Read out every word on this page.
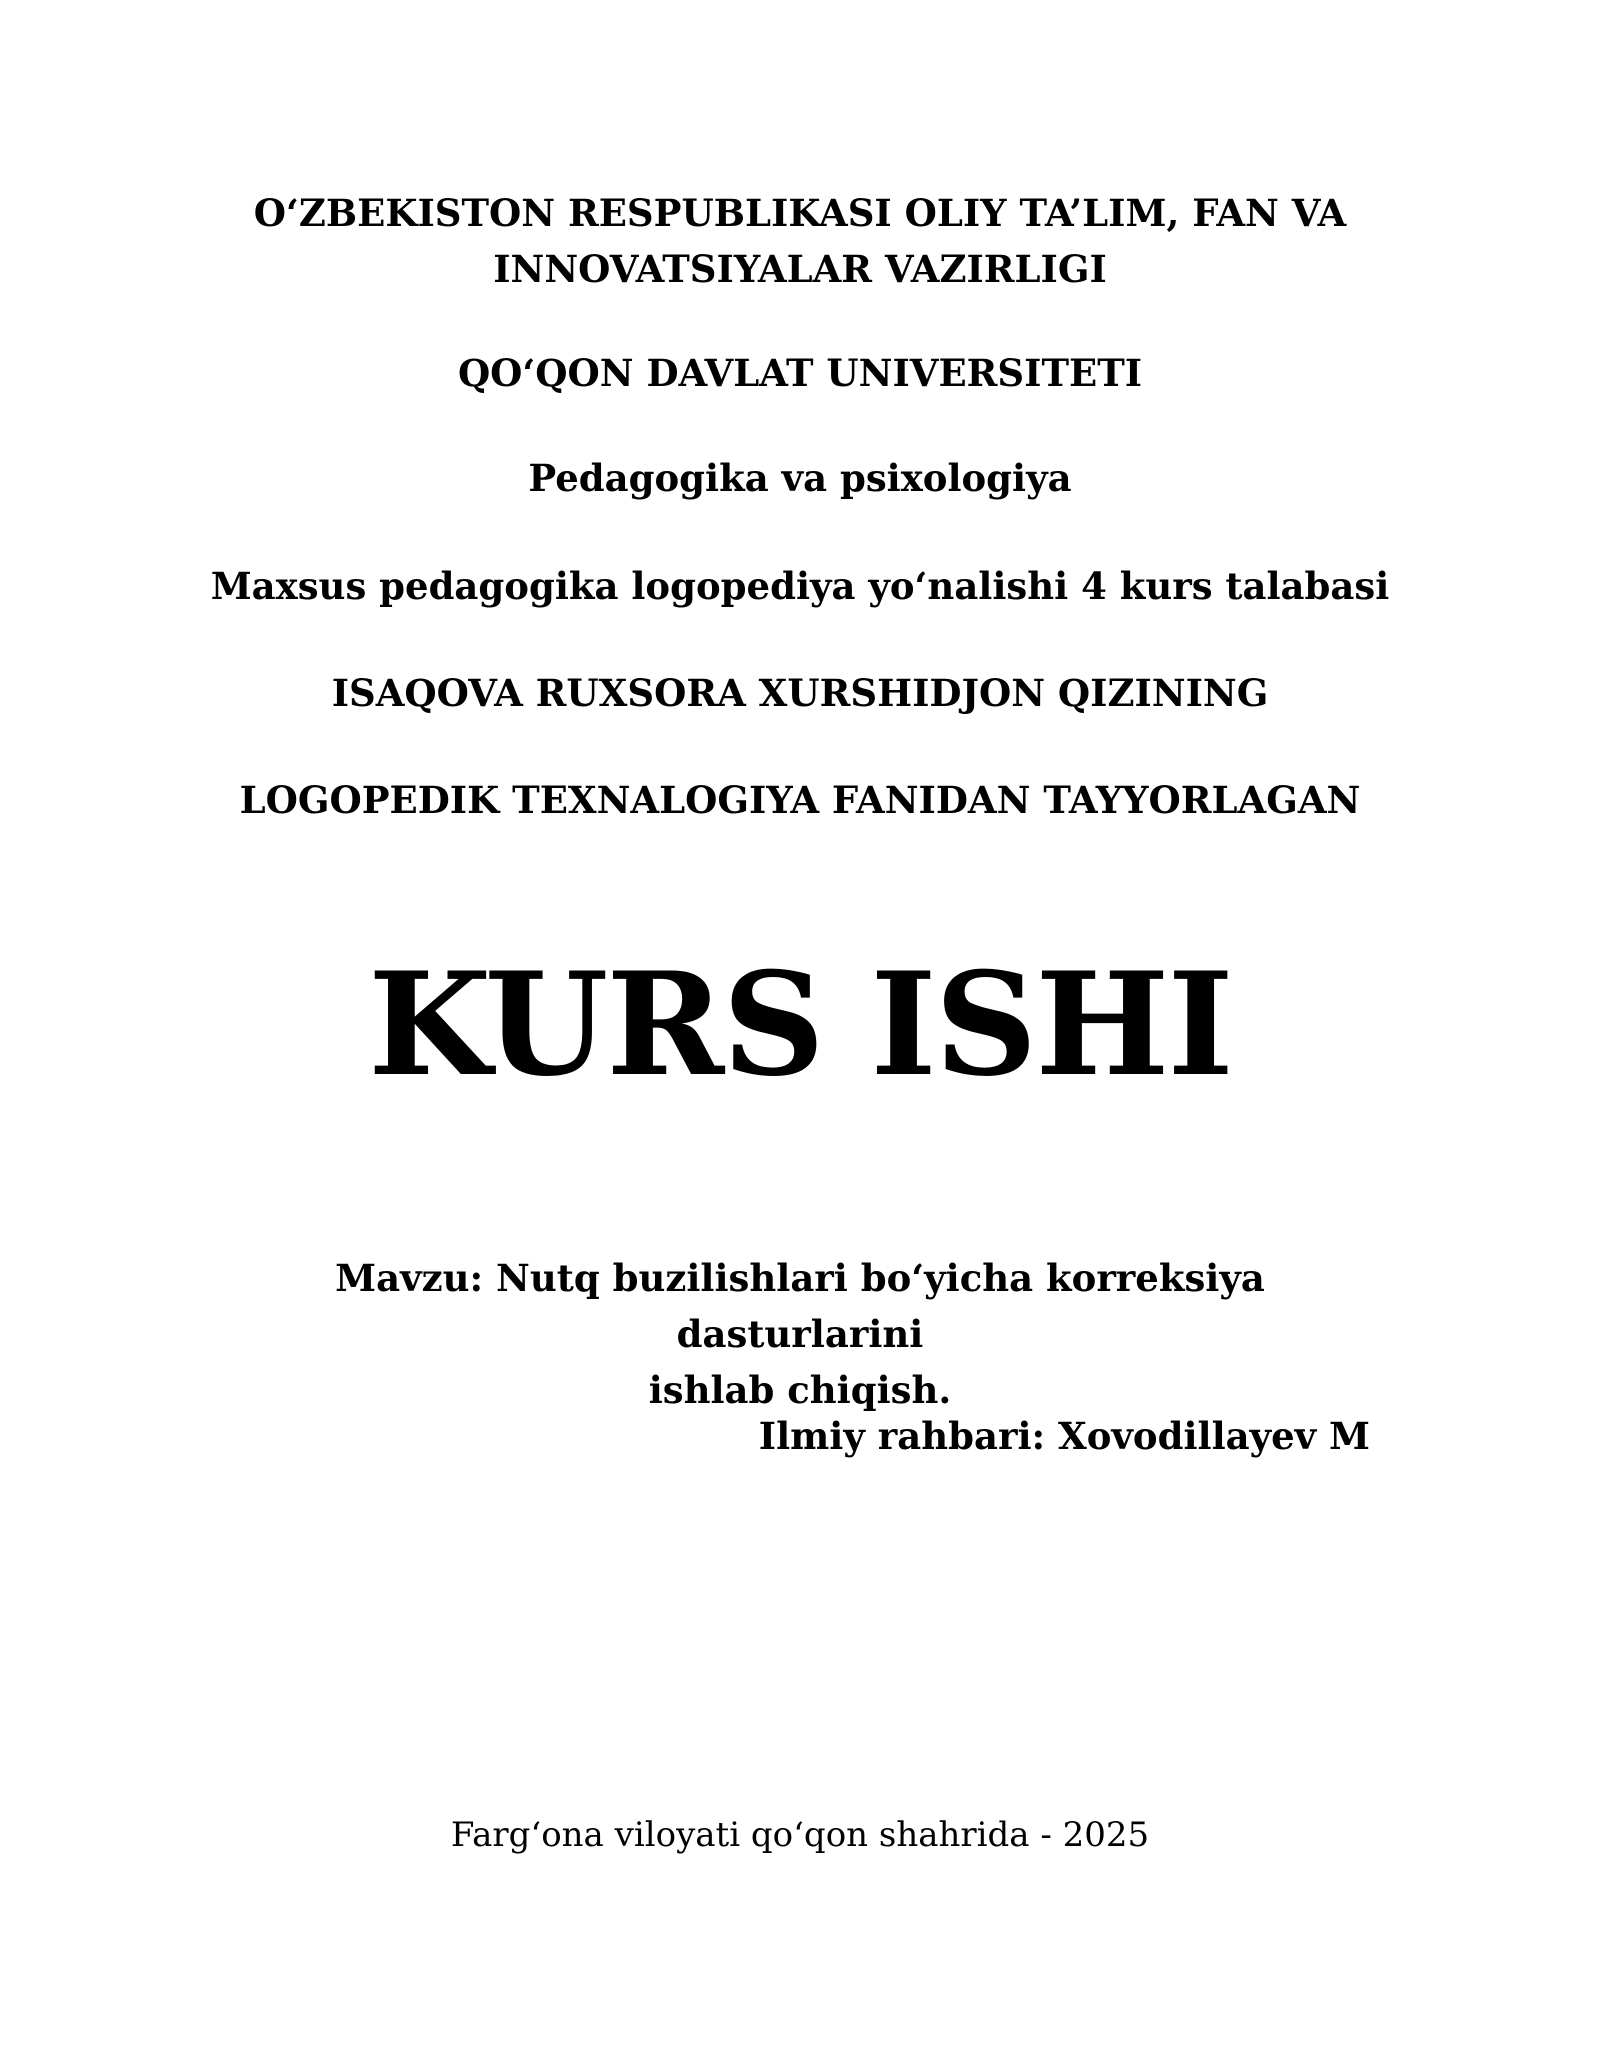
O‘ZBEKISTON RESPUBLIKASI OLIY TA’LIM, FAN VA
INNOVATSIYALAR VAZIRLIGI
QO‘QON DAVLAT UNIVERSITETI
Pedagogika va psixologiya
Maxsus pedagogika logopediya yo‘nalishi 4 kurs talabasi
ISAQOVA RUXSORA XURSHIDJON QIZINING
LOGOPEDIK TEXNALOGIYA FANIDAN TAYYORLAGAN
KURS ISHI
Mavzu: Nutq buzilishlari bo‘yicha korreksiya dasturlarini
ishlab chiqish.
Ilmiy rahbari: Xovodillayev M
Farg‘ona viloyati qo‘qon shahrida - 2025
